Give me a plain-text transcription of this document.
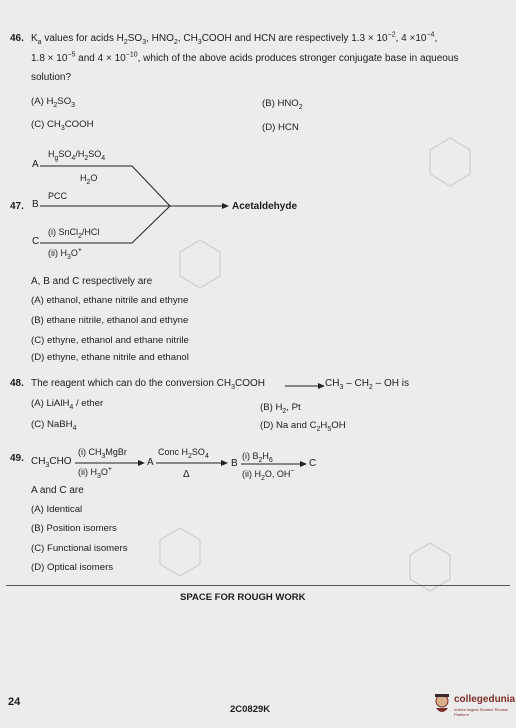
46. $K_a$ values for acids $H_2SO_3$, $HNO_2$, $CH_3COOH$ and HCN are respectively $1.3 \times 10^{-2}$, $4 \times 10^{-4}$,
$1.8 \times 10^{-5}$ and $4 \times 10^{-10}$, which of the above acids produces stronger conjugate base in aqueous
solution?
(A) $H_2SO_3$	(B) $HNO_2$
(C) $CH_3COOH$	(D) HCN
$H_gSO_4/H_2SO_4$
A
$H_2O$
PCC
47. B
(i) SnCl$_2$/HCl
C
(ii) $H_3O^+$
Acetaldehyde
A, B and C respectively are
(A) ethanol, ethane nitrile and ethyne
(B) ethane nitrile, ethanol and ethyne
(C) ethyne, ethanol and ethane nitrile
(D) ethyne, ethane nitrile and ethanol
48. The reagent which can do the conversion $CH_3COOH$	$CH_3 - CH_2$ – OH is
(A) LiAlH$_4$ / ether	(B) $H_2$, Pt
(C) NaBH$_4$	(D) Na and $C_2H_5OH$
49. $CH_3CHO$
(i) $CH_3MgBr$
(ii) $H_3O^+$
A
Conc $H_2SO_4$
Δ
B
(i) $B_2H_6$
(ii) $H_2O$, OH−
C
A and C are
(A) Identical
(B) Position isomers
(C) Functional isomers
(D) Optical isomers
SPACE FOR ROUGH WORK
24
2C0829K
collegedunia
India's largest Student Review Platform
